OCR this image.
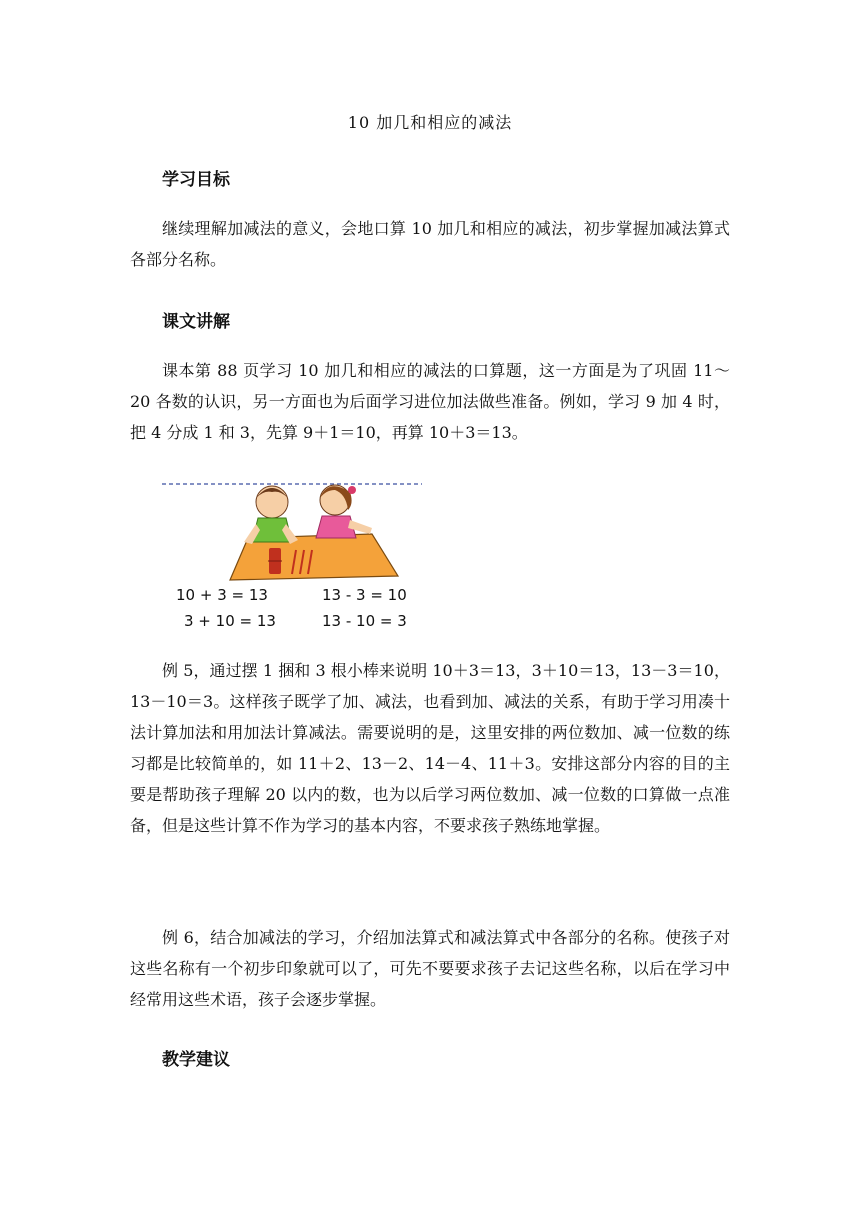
10 加几和相应的减法
学习目标
继续理解加减法的意义，会地口算 10 加几和相应的减法，初步掌握加减法算式各部分名称。
课文讲解
课本第 88 页学习 10 加几和相应的减法的口算题，这一方面是为了巩固 11～20 各数的认识，另一方面也为后面学习进位加法做些准备。例如，学习 9 加 4 时，把 4 分成 1 和 3，先算 9＋1＝10，再算 10＋3＝13。
10 + 3 = 13	13 - 3 = 10
3 + 10 = 13	13 - 10 = 3
例 5，通过摆 1 捆和 3 根小棒来说明 10＋3＝13，3＋10＝13，13－3＝10，13－10＝3。这样孩子既学了加、减法，也看到加、减法的关系，有助于学习用凑十法计算加法和用加法计算减法。需要说明的是，这里安排的两位数加、减一位数的练习都是比较简单的，如 11＋2、13－2、14－4、11＋3。安排这部分内容的目的主要是帮助孩子理解 20 以内的数，也为以后学习两位数加、减一位数的口算做一点准备，但是这些计算不作为学习的基本内容，不要求孩子熟练地掌握。
例 6，结合加减法的学习，介绍加法算式和减法算式中各部分的名称。使孩子对这些名称有一个初步印象就可以了，可先不要要求孩子去记这些名称，以后在学习中经常用这些术语，孩子会逐步掌握。
教学建议
